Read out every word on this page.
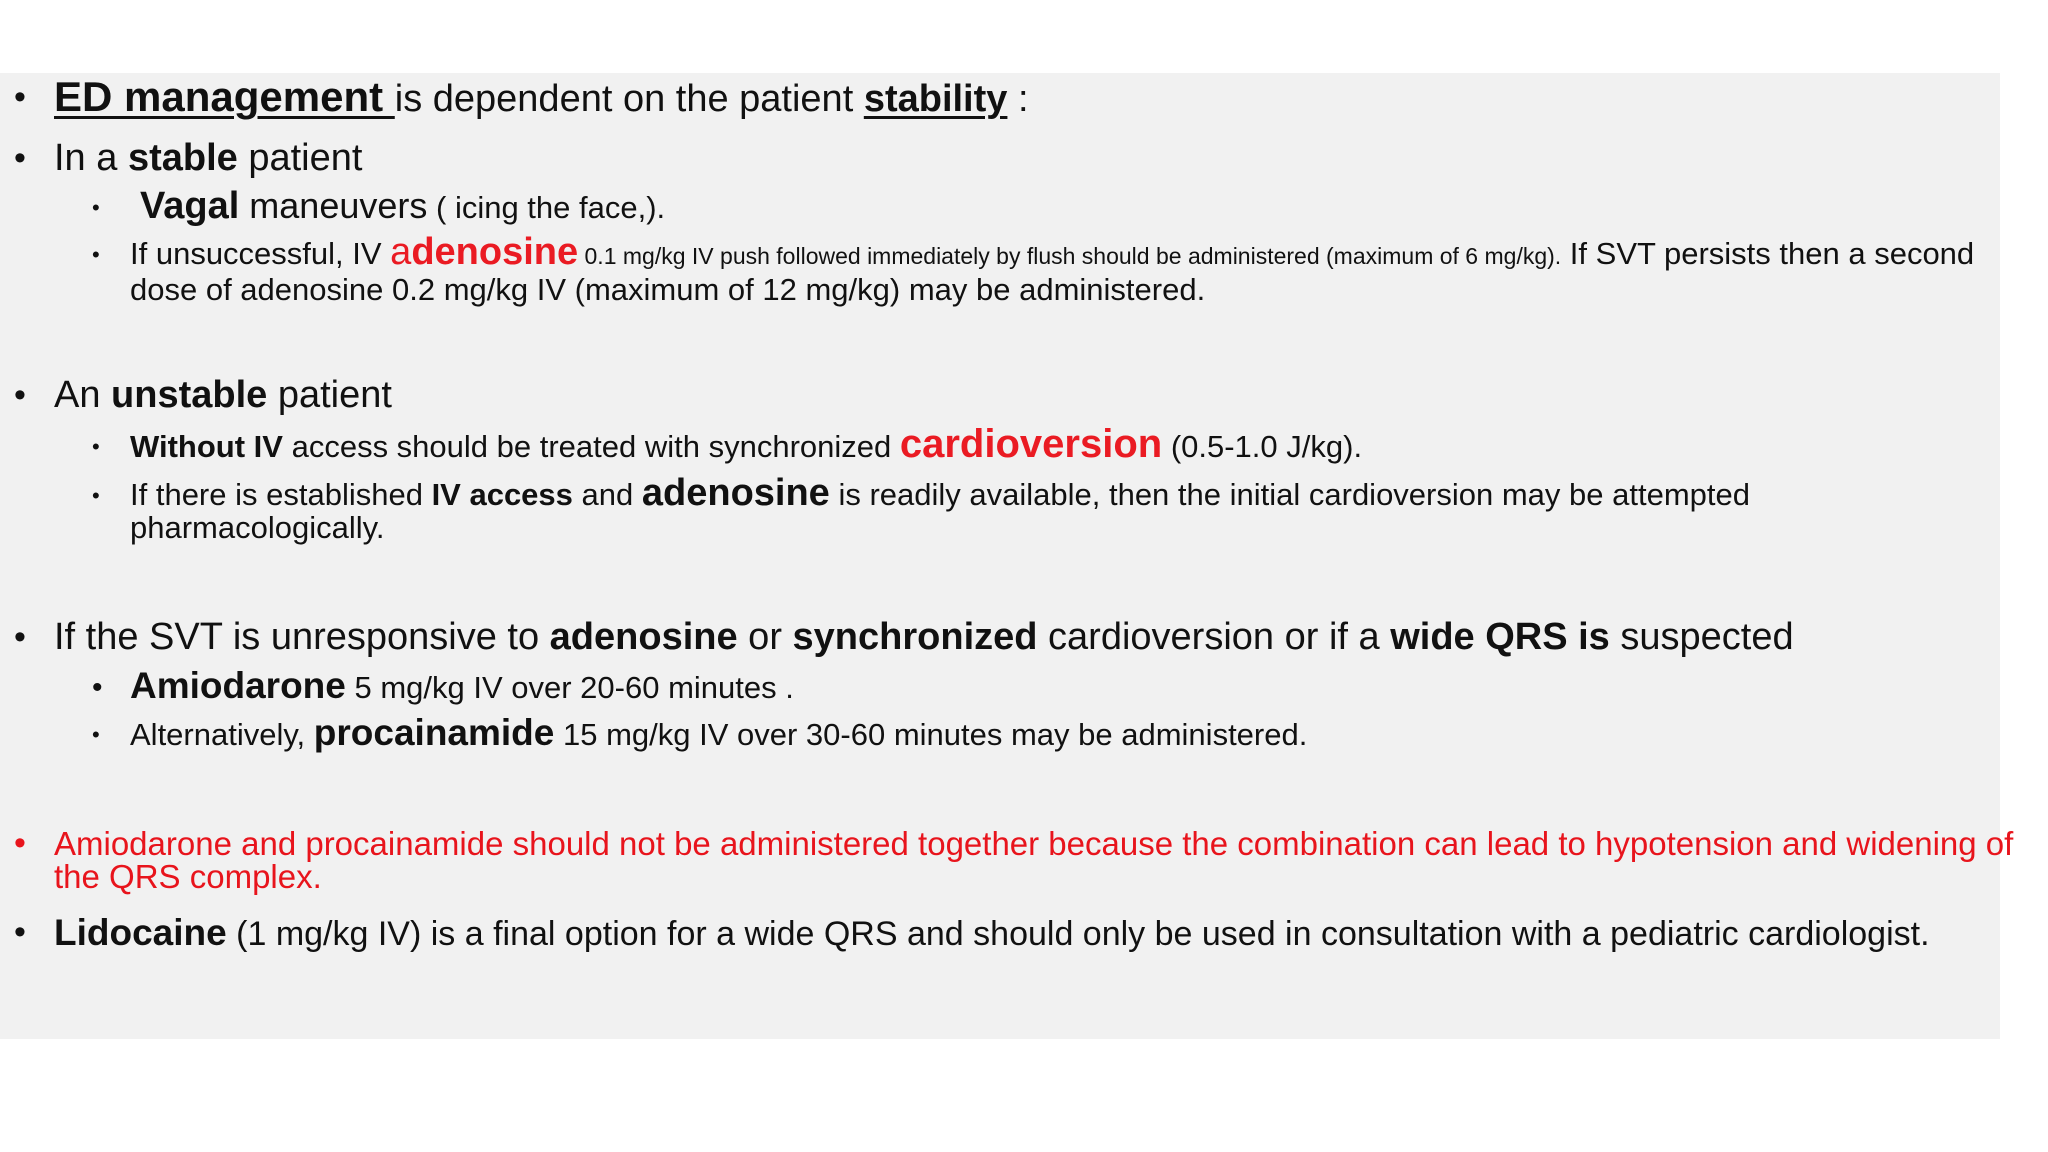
• ED management is dependent on the patient stability :
• In a stable patient
• Vagal maneuvers ( icing the face,).
• If unsuccessful, IV adenosine 0.1 mg/kg IV push followed immediately by flush should be administered (maximum of 6 mg/kg). If SVT persists then a second dose of adenosine 0.2 mg/kg IV (maximum of 12 mg/kg) may be administered.
• An unstable patient
• Without IV access should be treated with synchronized cardioversion (0.5-1.0 J/kg).
• If there is established IV access and adenosine is readily available, then the initial cardioversion may be attempted pharmacologically.
• If the SVT is unresponsive to adenosine or synchronized cardioversion or if a wide QRS is suspected
• Amiodarone 5 mg/kg IV over 20-60 minutes .
• Alternatively, procainamide 15 mg/kg IV over 30-60 minutes may be administered.
• Amiodarone and procainamide should not be administered together because the combination can lead to hypotension and widening of the QRS complex.
• Lidocaine (1 mg/kg IV) is a final option for a wide QRS and should only be used in consultation with a pediatric cardiologist.
